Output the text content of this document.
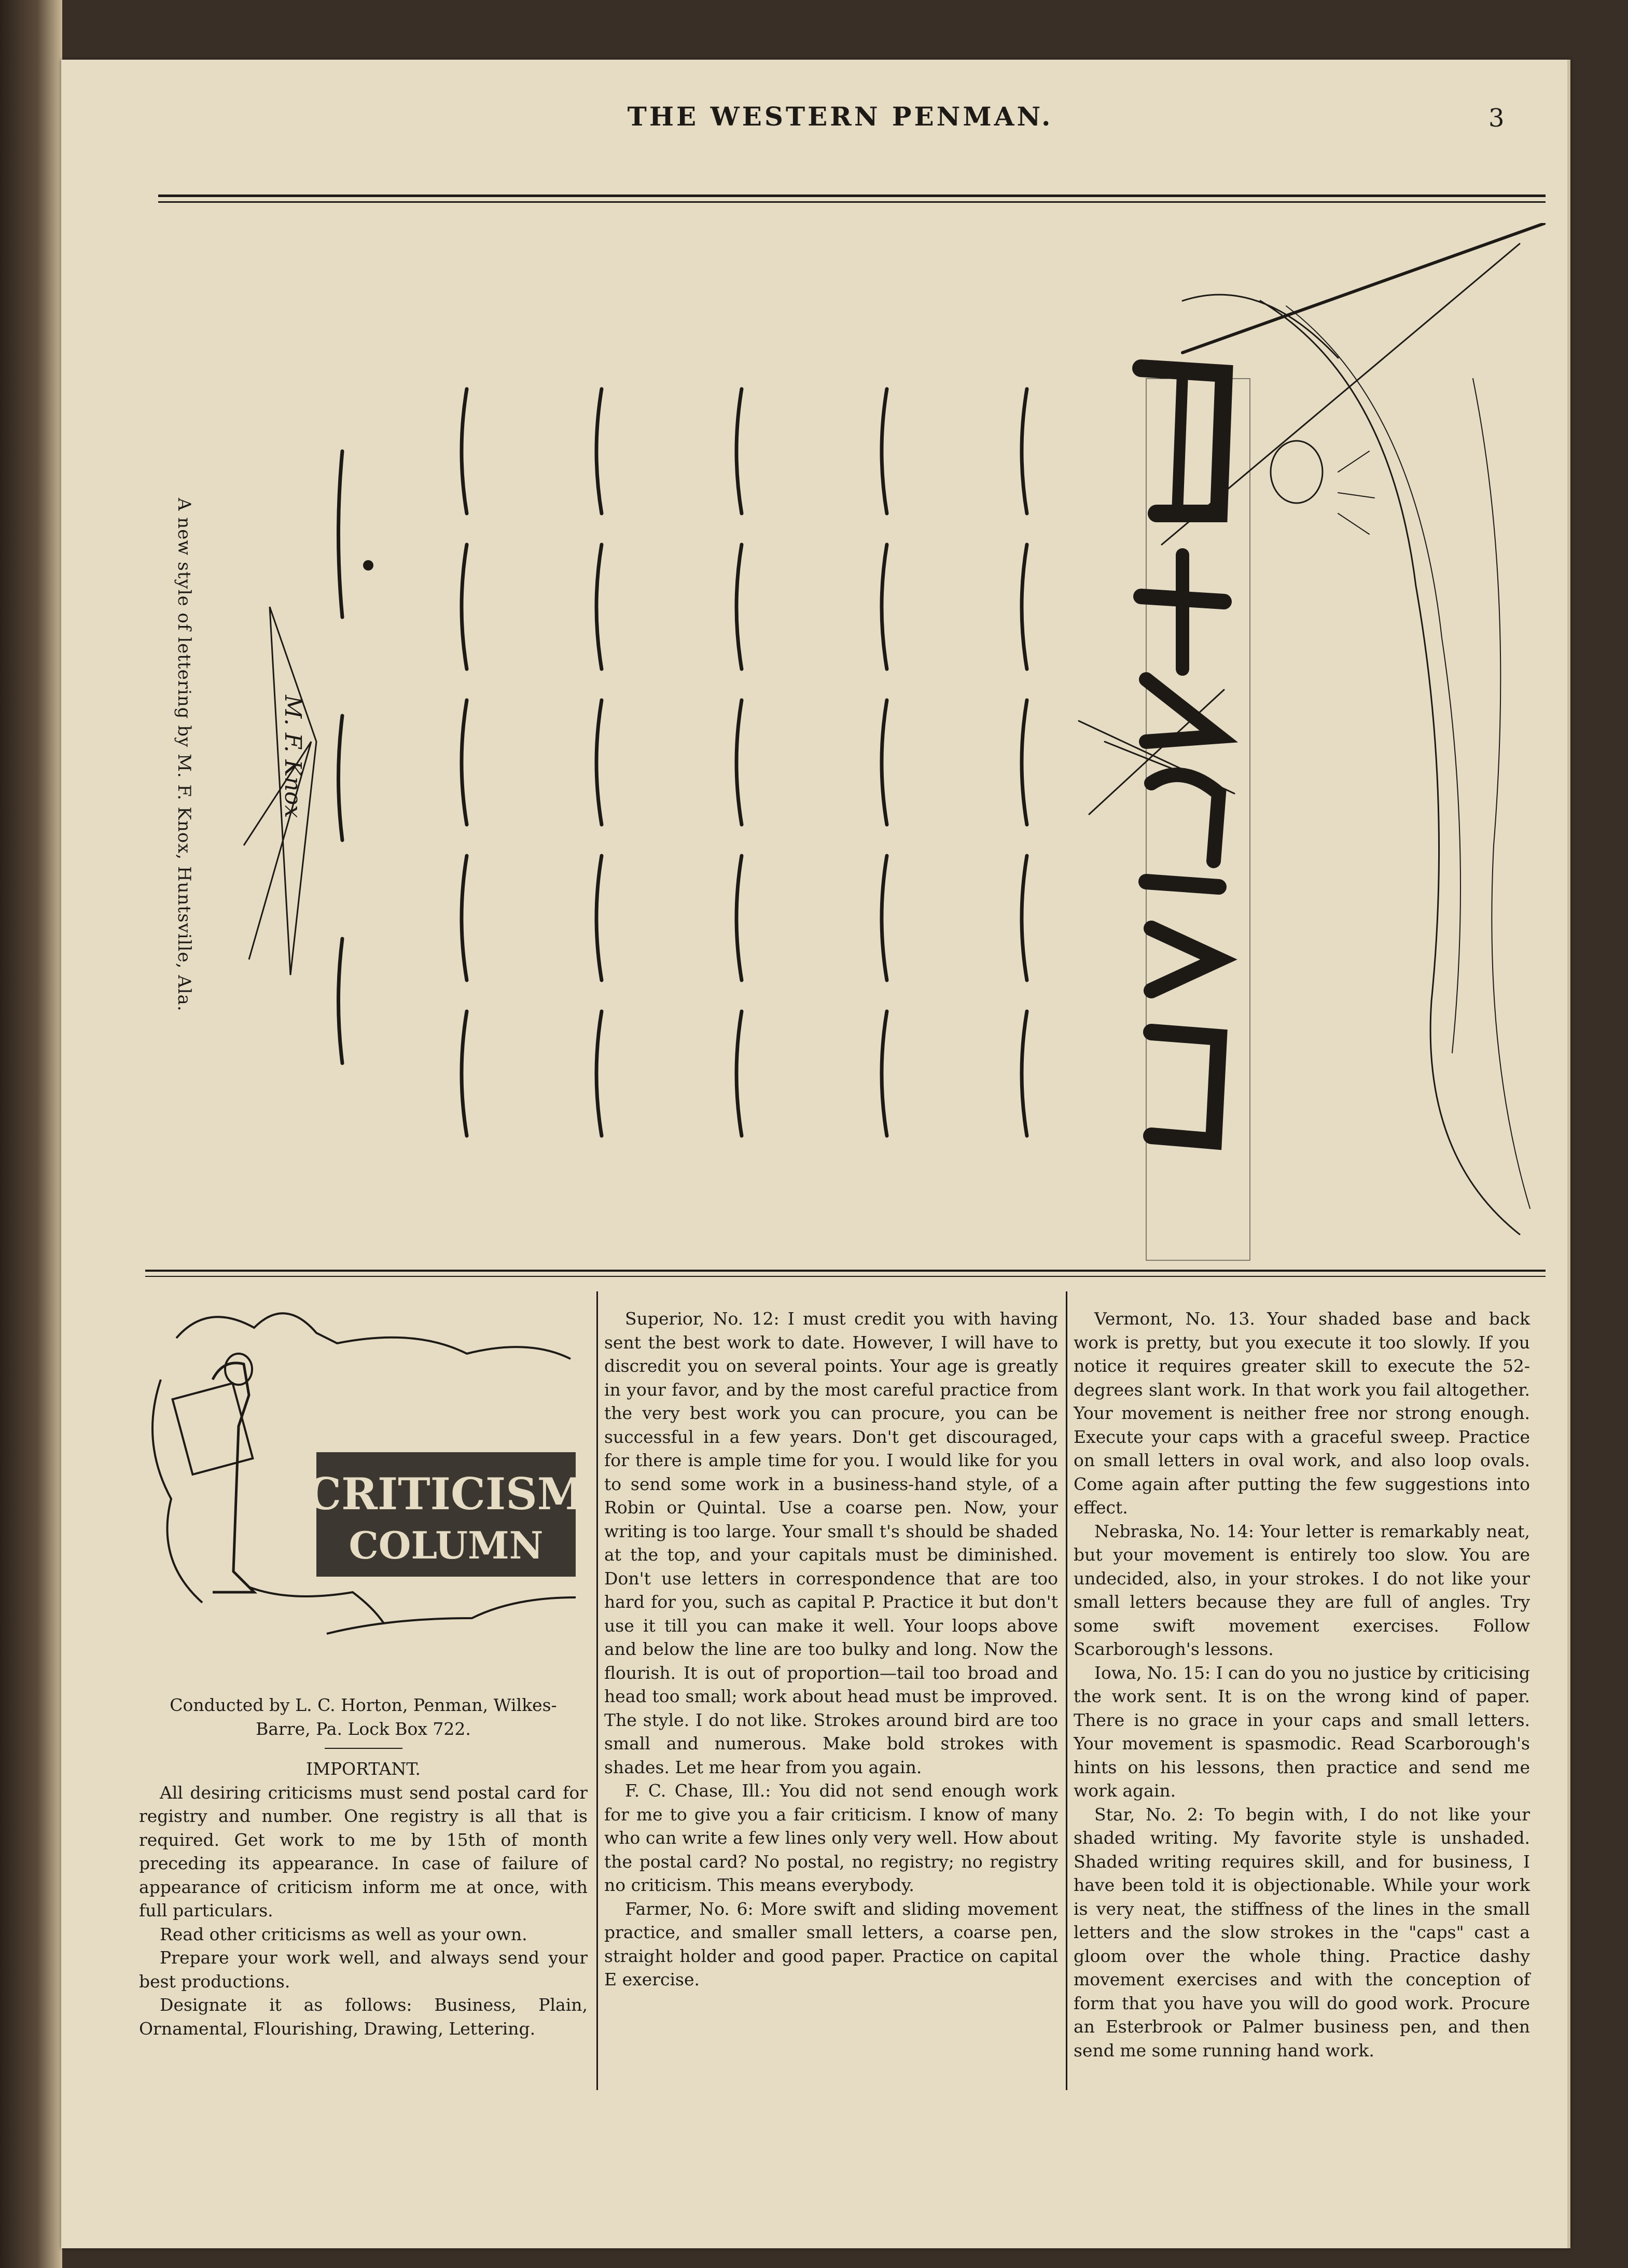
THE WESTERN PENMAN.	3
M. F. Knox
A new style of lettering by M. F. Knox, Huntsville, Ala.
CRITICISM
COLUMN

Conducted by L. C. Horton, Penman, Wilkes-Barre, Pa. Lock Box 722.

IMPORTANT.

All desiring criticisms must send postal card for registry and number. One registry is all that is required. Get work to me by 15th of month preceding its appearance. In case of failure of appearance of criticism inform me at once, with full particulars.

Read other criticisms as well as your own.

Prepare your work well, and always send your best productions.

Designate it as follows: Business, Plain, Ornamental, Flourishing, Drawing, Lettering.

Superior, No. 12: I must credit you with having sent the best work to date. However, I will have to discredit you on several points. Your age is greatly in your favor, and by the most careful practice from the very best work you can procure, you can be successful in a few years. Don't get discouraged, for there is ample time for you. I would like for you to send some work in a business-hand style, of a Robin or Quintal. Use a coarse pen. Now, your writing is too large. Your small t's should be shaded at the top, and your capitals must be diminished. Don't use letters in correspondence that are too hard for you, such as capital P. Practice it but don't use it till you can make it well. Your loops above and below the line are too bulky and long. Now the flourish. It is out of proportion—tail too broad and head too small; work about head must be improved. The style. I do not like. Strokes around bird are too small and numerous. Make bold strokes with shades. Let me hear from you again.

F. C. Chase, Ill.: You did not send enough work for me to give you a fair criticism. I know of many who can write a few lines only very well. How about the postal card? No postal, no registry; no registry no criticism. This means everybody.

Farmer, No. 6: More swift and sliding movement practice, and smaller small letters, a coarse pen, straight holder and good paper. Practice on capital E exercise.

Vermont, No. 13. Your shaded base and back work is pretty, but you execute it too slowly. If you notice it requires greater skill to execute the 52-degrees slant work. In that work you fail altogether. Your movement is neither free nor strong enough. Execute your caps with a graceful sweep. Practice on small letters in oval work, and also loop ovals. Come again after putting the few suggestions into effect.

Nebraska, No. 14: Your letter is remarkably neat, but your movement is entirely too slow. You are undecided, also, in your strokes. I do not like your small letters because they are full of angles. Try some swift movement exercises. Follow Scarborough's lessons.

Iowa, No. 15: I can do you no justice by criticising the work sent. It is on the wrong kind of paper. There is no grace in your caps and small letters. Your movement is spasmodic. Read Scarborough's hints on his lessons, then practice and send me work again.

Star, No. 2: To begin with, I do not like your shaded writing. My favorite style is unshaded. Shaded writing requires skill, and for business, I have been told it is objectionable. While your work is very neat, the stiffness of the lines in the small letters and the slow strokes in the "caps" cast a gloom over the whole thing. Practice dashy movement exercises and with the conception of form that you have you will do good work. Procure an Esterbrook or Palmer business pen, and then send me some running hand work.
